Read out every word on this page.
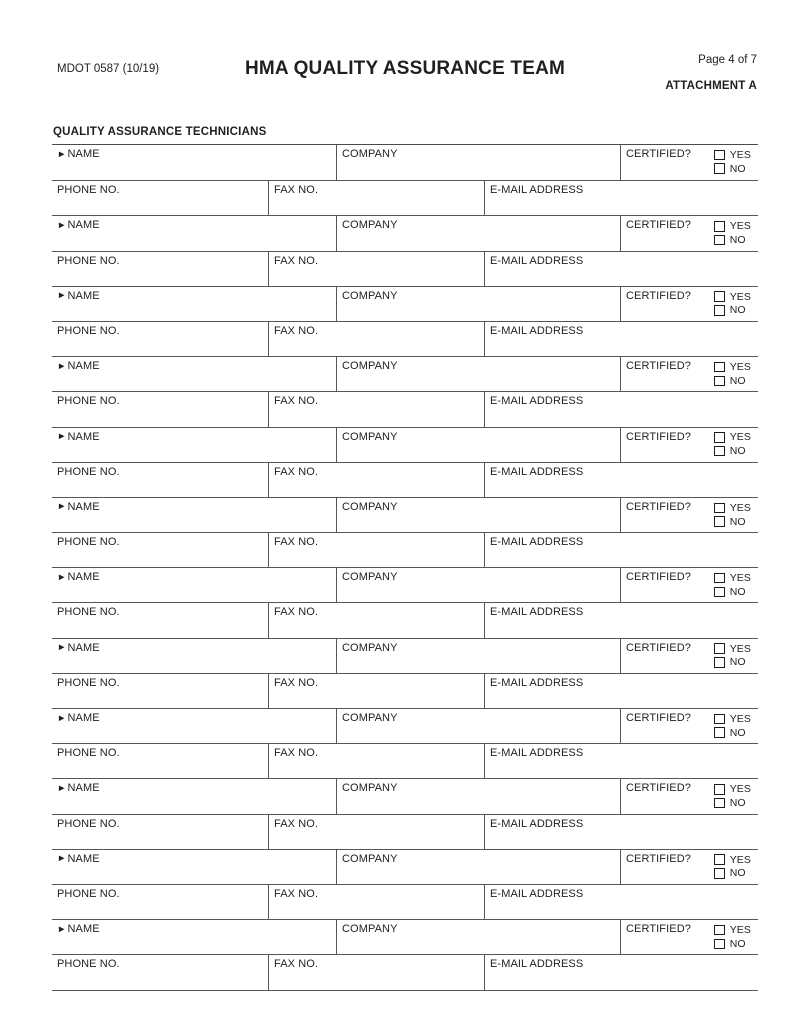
MDOT 0587 (10/19)	HMA QUALITY ASSURANCE TEAM	Page 4 of 7
ATTACHMENT A
QUALITY ASSURANCE TECHNICIANS
►NAME	COMPANY	CERTIFIED?	YES
NO
PHONE NO.	FAX NO.	E-MAIL ADDRESS
►NAME	COMPANY	CERTIFIED?	YES
NO
PHONE NO.	FAX NO.	E-MAIL ADDRESS
►NAME	COMPANY	CERTIFIED?	YES
NO
PHONE NO.	FAX NO.	E-MAIL ADDRESS
►NAME	COMPANY	CERTIFIED?	YES
NO
PHONE NO.	FAX NO.	E-MAIL ADDRESS
►NAME	COMPANY	CERTIFIED?	YES
NO
PHONE NO.	FAX NO.	E-MAIL ADDRESS
►NAME	COMPANY	CERTIFIED?	YES
NO
PHONE NO.	FAX NO.	E-MAIL ADDRESS
►NAME	COMPANY	CERTIFIED?	YES
NO
PHONE NO.	FAX NO.	E-MAIL ADDRESS
►NAME	COMPANY	CERTIFIED?	YES
NO
PHONE NO.	FAX NO.	E-MAIL ADDRESS
►NAME	COMPANY	CERTIFIED?	YES
NO
PHONE NO.	FAX NO.	E-MAIL ADDRESS
►NAME	COMPANY	CERTIFIED?	YES
NO
PHONE NO.	FAX NO.	E-MAIL ADDRESS
►NAME	COMPANY	CERTIFIED?	YES
NO
PHONE NO.	FAX NO.	E-MAIL ADDRESS
►NAME	COMPANY	CERTIFIED?	YES
NO
PHONE NO.	FAX NO.	E-MAIL ADDRESS
